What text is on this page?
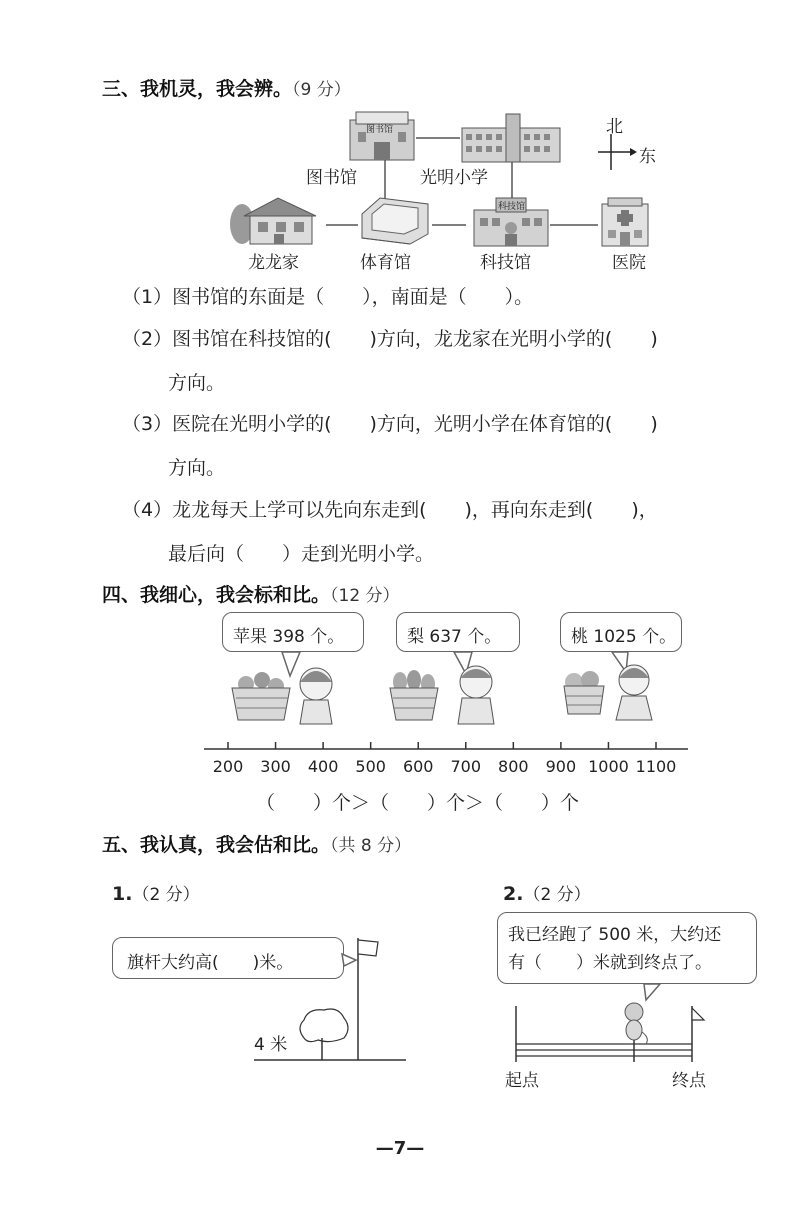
三、我机灵，我会辨。（9 分）
北
东
图书馆
图书馆	光明小学
龙龙家	体育馆
科技馆
科技馆	医院
（1）图书馆的东面是（　　），南面是（　　）。
（2）图书馆在科技馆的(　　)方向，龙龙家在光明小学的(　　)
方向。
（3）医院在光明小学的(　　)方向，光明小学在体育馆的(　　)
方向。
（4）龙龙每天上学可以先向东走到(　　)，再向东走到(　　)，
最后向（　　）走到光明小学。
四、我细心，我会标和比。（12 分）
苹果 398 个。	梨 637 个。	桃 1025 个。
200 300 400 500 600 700 800 900 1000 1100
（　　）个＞（　　）个＞（　　）个
五、我认真，我会估和比。（共 8 分）
1.（2 分）
旗杆大约高(　　)米。
4 米
2.（2 分）
我已经跑了 500 米，大约还
有（　　）米就到终点了。
起点	终点
—7—
